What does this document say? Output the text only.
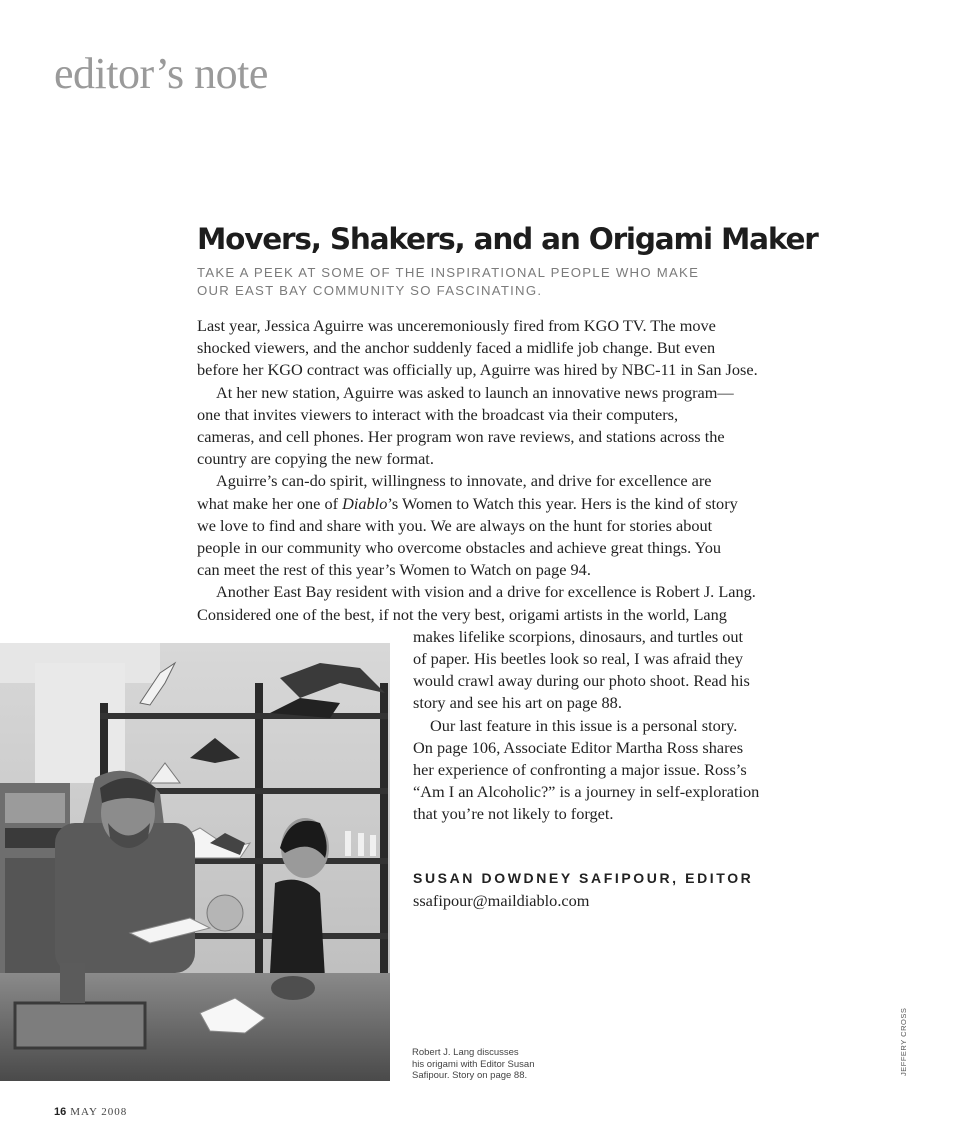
editor’s note
Movers, Shakers, and an Origami Maker
TAKE A PEEK AT SOME OF THE INSPIRATIONAL PEOPLE WHO MAKE
OUR EAST BAY COMMUNITY SO FASCINATING.
Last year, Jessica Aguirre was unceremoniously fired from KGO TV. The move
shocked viewers, and the anchor suddenly faced a midlife job change. But even
before her KGO contract was officially up, Aguirre was hired by NBC-11 in San Jose.
At her new station, Aguirre was asked to launch an innovative news program—
one that invites viewers to interact with the broadcast via their computers,
cameras, and cell phones. Her program won rave reviews, and stations across the
country are copying the new format.
Aguirre’s can-do spirit, willingness to innovate, and drive for excellence are
what make her one of Diablo’s Women to Watch this year. Hers is the kind of story
we love to find and share with you. We are always on the hunt for stories about
people in our community who overcome obstacles and achieve great things. You
can meet the rest of this year’s Women to Watch on page 94.
Another East Bay resident with vision and a drive for excellence is Robert J. Lang.
Considered one of the best, if not the very best, origami artists in the world, Lang
makes lifelike scorpions, dinosaurs, and turtles out
of paper. His beetles look so real, I was afraid they
would crawl away during our photo shoot. Read his
story and see his art on page 88.
Our last feature in this issue is a personal story.
On page 106, Associate Editor Martha Ross shares
her experience of confronting a major issue. Ross’s
“Am I an Alcoholic?” is a journey in self-exploration
that you’re not likely to forget.
SUSAN DOWDNEY SAFIPOUR, EDITOR
ssafipour@maildiablo.com
Robert J. Lang discusses
his origami with Editor Susan
Safipour. Story on page 88.	JEFFERY CROSS
16 MAY 2008
